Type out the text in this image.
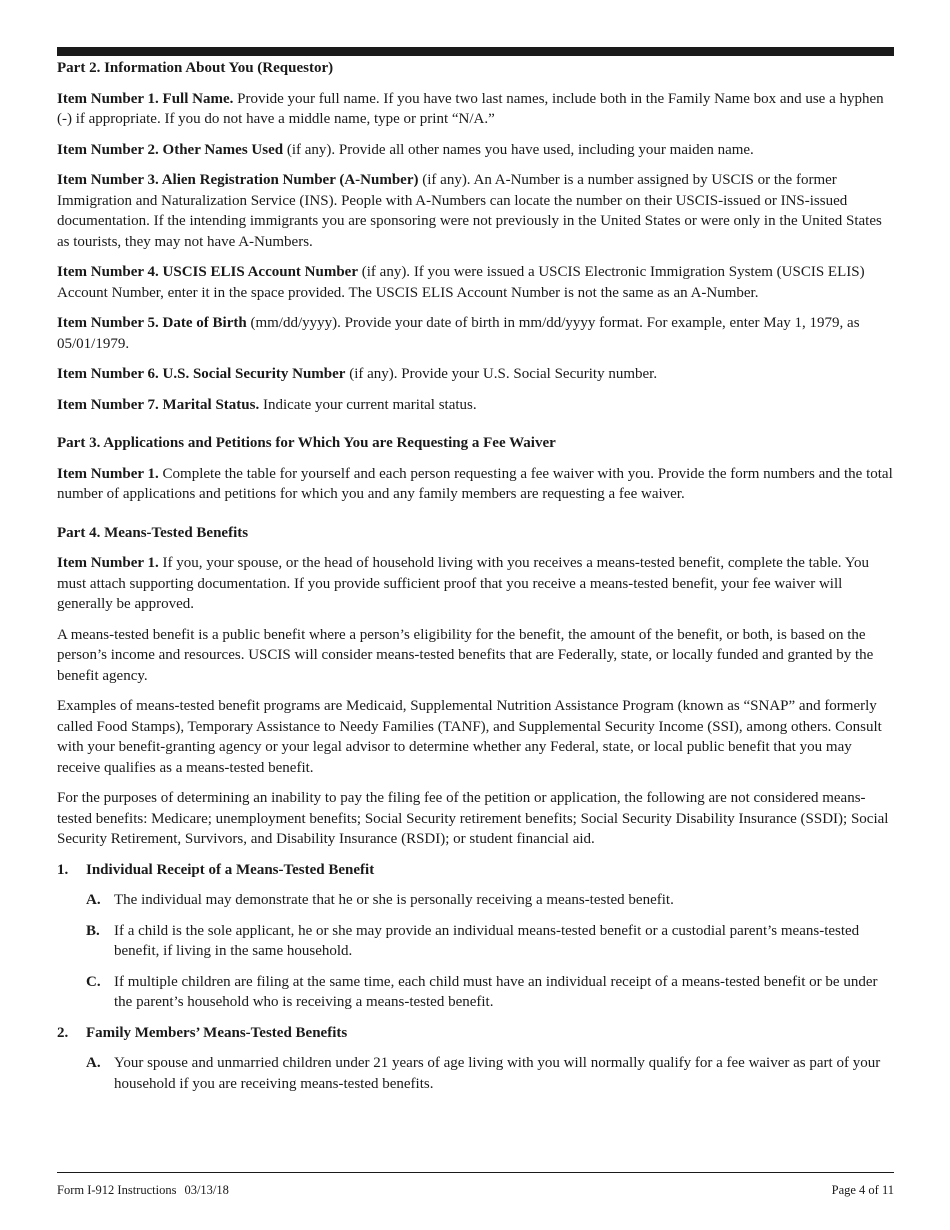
Part 2. Information About You (Requestor)

Item Number 1. Full Name. Provide your full name. If you have two last names, include both in the Family Name box and use a hyphen (-) if appropriate. If you do not have a middle name, type or print “N/A.”

Item Number 2. Other Names Used (if any). Provide all other names you have used, including your maiden name.

Item Number 3. Alien Registration Number (A-Number) (if any). An A-Number is a number assigned by USCIS or the former Immigration and Naturalization Service (INS). People with A-Numbers can locate the number on their USCIS-issued or INS-issued documentation. If the intending immigrants you are sponsoring were not previously in the United States or were only in the United States as tourists, they may not have A-Numbers.

Item Number 4. USCIS ELIS Account Number (if any). If you were issued a USCIS Electronic Immigration System (USCIS ELIS) Account Number, enter it in the space provided. The USCIS ELIS Account Number is not the same as an A-Number.

Item Number 5. Date of Birth (mm/dd/yyyy). Provide your date of birth in mm/dd/yyyy format. For example, enter May 1, 1979, as 05/01/1979.

Item Number 6. U.S. Social Security Number (if any). Provide your U.S. Social Security number.

Item Number 7. Marital Status. Indicate your current marital status.

Part 3. Applications and Petitions for Which You are Requesting a Fee Waiver

Item Number 1. Complete the table for yourself and each person requesting a fee waiver with you. Provide the form numbers and the total number of applications and petitions for which you and any family members are requesting a fee waiver.

Part 4. Means-Tested Benefits

Item Number 1. If you, your spouse, or the head of household living with you receives a means-tested benefit, complete the table. You must attach supporting documentation. If you provide sufficient proof that you receive a means-tested benefit, your fee waiver will generally be approved.

A means-tested benefit is a public benefit where a person’s eligibility for the benefit, the amount of the benefit, or both, is based on the person’s income and resources. USCIS will consider means-tested benefits that are Federally, state, or locally funded and granted by the benefit agency.

Examples of means-tested benefit programs are Medicaid, Supplemental Nutrition Assistance Program (known as “SNAP” and formerly called Food Stamps), Temporary Assistance to Needy Families (TANF), and Supplemental Security Income (SSI), among others. Consult with your benefit-granting agency or your legal advisor to determine whether any Federal, state, or local public benefit that you may receive qualifies as a means-tested benefit.

For the purposes of determining an inability to pay the filing fee of the petition or application, the following are not considered means-tested benefits: Medicare; unemployment benefits; Social Security retirement benefits; Social Security Disability Insurance (SSDI); Social Security Retirement, Survivors, and Disability Insurance (RSDI); or student financial aid.

1.	Individual Receipt of a Means-Tested Benefit
A. The individual may demonstrate that he or she is personally receiving a means-tested benefit.
B. If a child is the sole applicant, he or she may provide an individual means-tested benefit or a custodial parent’s means-tested benefit, if living in the same household.
C. If multiple children are filing at the same time, each child must have an individual receipt of a means-tested benefit or be under the parent’s household who is receiving a means-tested benefit.
2.	Family Members’ Means-Tested Benefits
A. Your spouse and unmarried children under 21 years of age living with you will normally qualify for a fee waiver as part of your household if you are receiving means-tested benefits.
Form I-912 Instructions 03/13/18	Page 4 of 11
